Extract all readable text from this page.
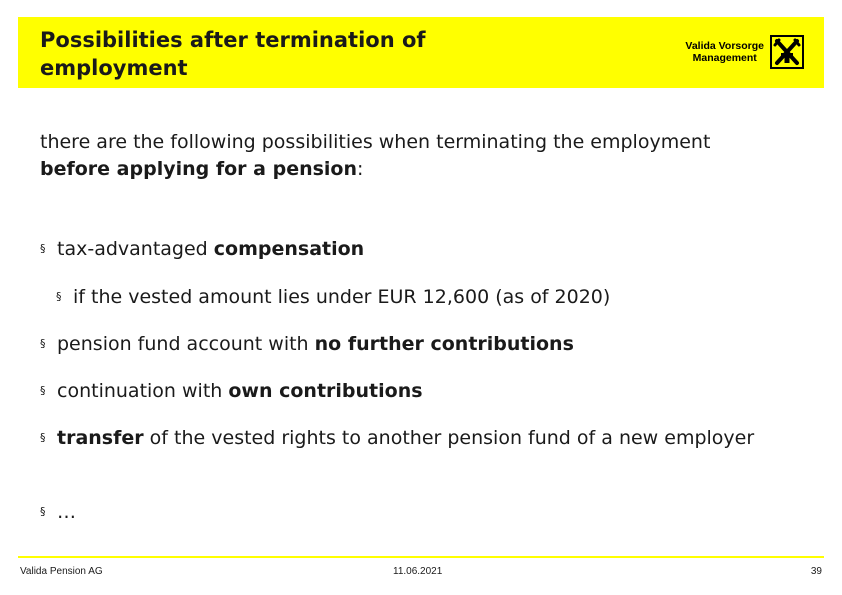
Possibilities after termination of
employment
Valida Vorsorge
Management
there are the following possibilities when terminating the employment before applying for a pension:
§ tax-advantaged compensation
§ if the vested amount lies under EUR 12,600 (as of 2020)
§ pension fund account with no further contributions
§ continuation with own contributions
§ transfer of the vested rights to another pension fund of a new employer
§ …
Valida Pension AG	11.06.2021	39
